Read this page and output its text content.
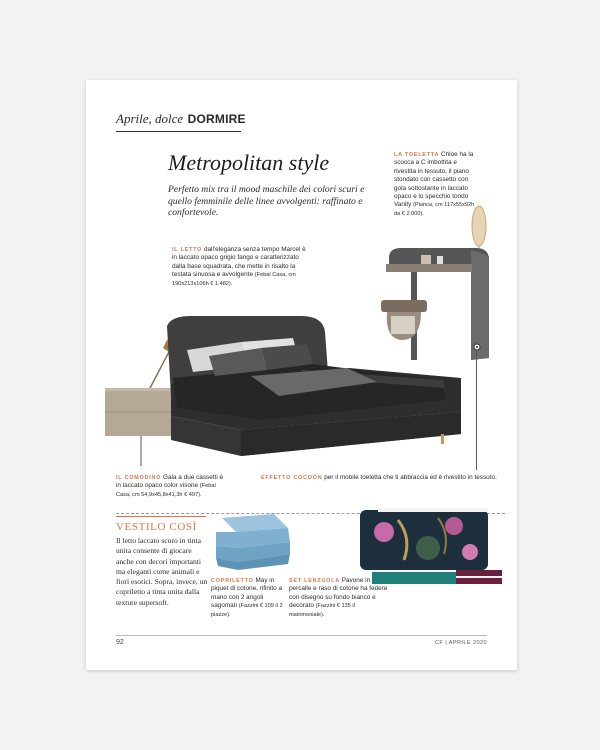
Aprile, dolce DORMIRE
Metropolitan style
Perfetto mix tra il mood maschile dei colori scuri e quello femminile delle linee avvolgenti: raffinato e confortevole.
IL LETTO dall'eleganza senza tempo Marcel è in laccato opaco grigio fango e caratterizzato dalla base squadrata, che mette in risalto la testata sinuosa e avvolgente (Febal Casa, cm 190x213x106h € 1.482).
LA TOELETTA Chloe ha la scocca a C imbottita e rivestita in tessuto, il piano stondato con cassetto con gola sottostante in laccato opaco e lo specchio tondo Vanity (Pianca, cm 117x55x92h da € 2.000).
IL COMODINO Gala a due cassetti è in laccato opaco color visone (Febal Casa, cm 54,9x45,8x41,3h € 497).
EFFETTO COCOON per il mobile toeletta che ti abbraccia ed è rivestito in tessuto.
VESTILO COSÌ
Il letto laccato scuro in tinta unita consente di giocare anche con decori importanti ma eleganti come animali e fiori esotici. Sopra, invece, un copriletto a tinta unita dalla texture supersoft.
COPRILETTO May in piquet di cotone, rifinito a mano con 2 angoli sagomati (Fazzini € 109 il 2 piazze).
SET LENZUOLA Pavone in percalle e raso di cotone ha federe con disegno su fondo bianco e decorato (Fazzini € 135 il matrimoniale).
92	CF | APRILE 2020
